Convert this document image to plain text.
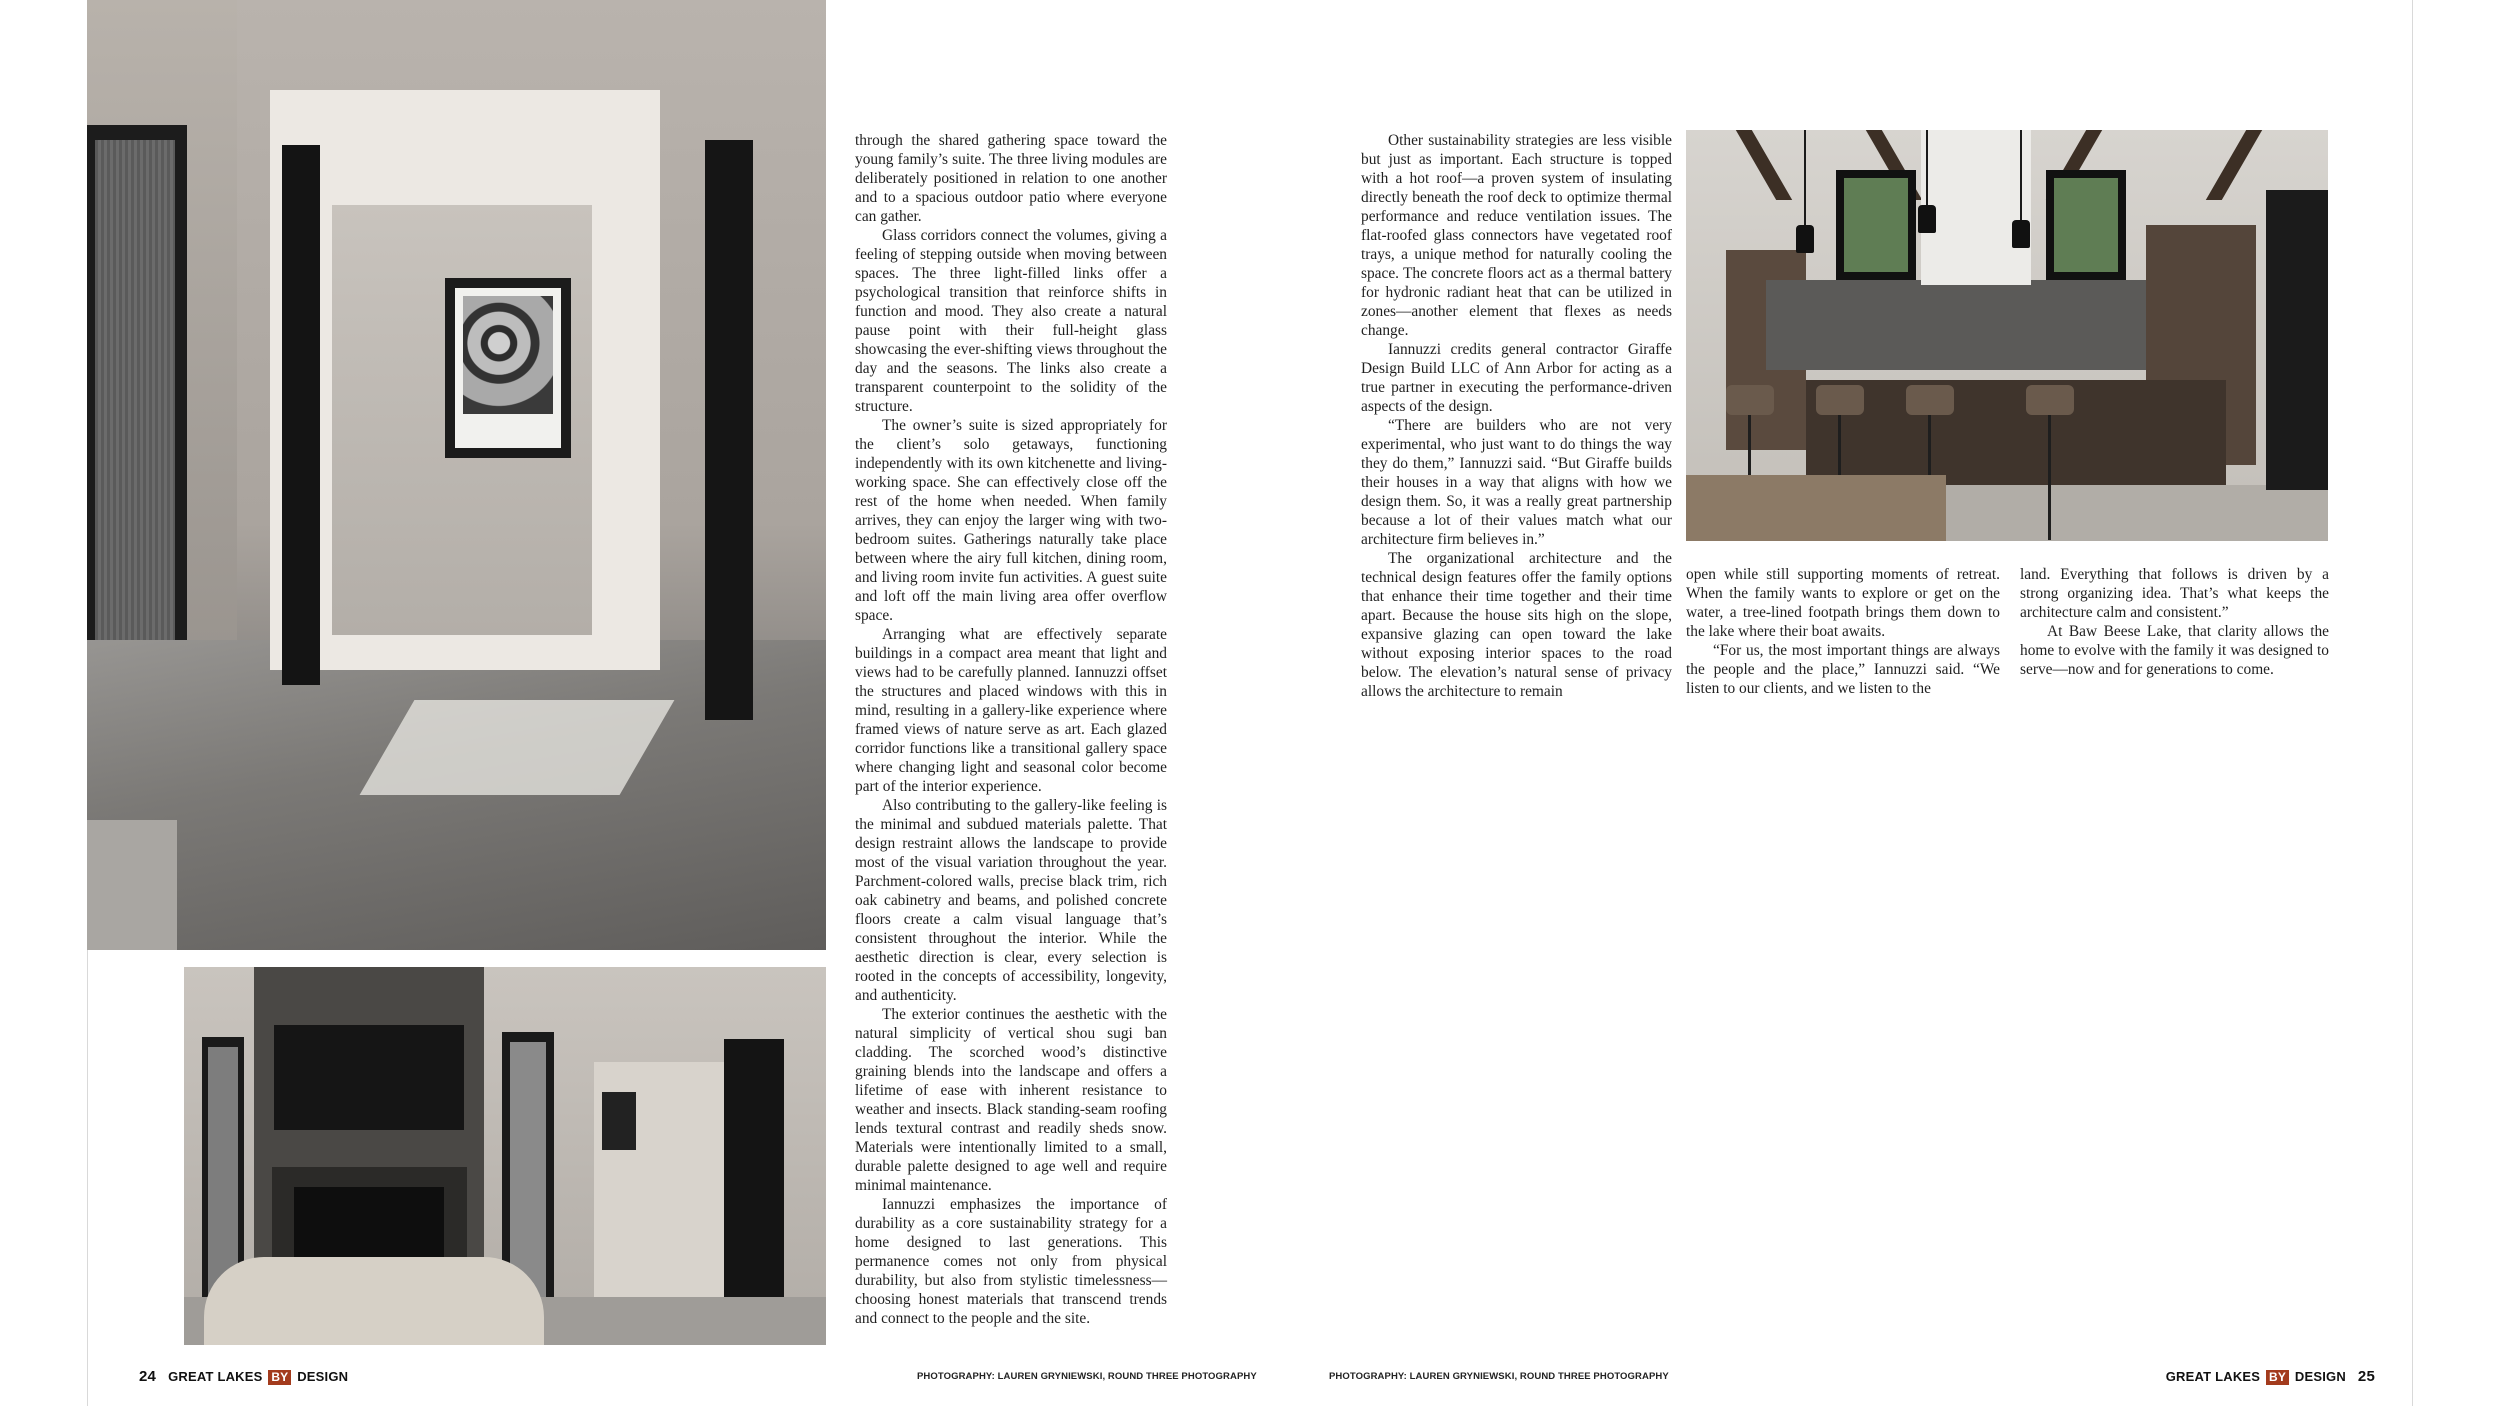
through the shared gathering space toward the young family’s suite. The three living modules are deliberately positioned in relation to one another and to a spacious outdoor patio where everyone can gather.

Glass corridors connect the volumes, giving a feeling of stepping outside when moving between spaces. The three light-filled links offer a psychological transition that reinforce shifts in function and mood. They also create a natural pause point with their full-height glass showcasing the ever-shifting views throughout the day and the seasons. The links also create a transparent counterpoint to the solidity of the structure.

The owner’s suite is sized appropriately for the client’s solo getaways, functioning independently with its own kitchenette and living-working space. She can effectively close off the rest of the home when needed. When family arrives, they can enjoy the larger wing with two-bedroom suites. Gatherings naturally take place between where the airy full kitchen, dining room, and living room invite fun activities. A guest suite and loft off the main living area offer overflow space.

Arranging what are effectively separate buildings in a compact area meant that light and views had to be carefully planned. Iannuzzi offset the structures and placed windows with this in mind, resulting in a gallery-like experience where framed views of nature serve as art. Each glazed corridor functions like a transitional gallery space where changing light and seasonal color become part of the interior experience.

Also contributing to the gallery-like feeling is the minimal and subdued materials palette. That design restraint allows the landscape to provide most of the visual variation throughout the year. Parchment-colored walls, precise black trim, rich oak cabinetry and beams, and polished concrete floors create a calm visual language that’s consistent throughout the interior. While the aesthetic direction is clear, every selection is rooted in the concepts of accessibility, longevity, and authenticity.

The exterior continues the aesthetic with the natural simplicity of vertical shou sugi ban cladding. The scorched wood’s distinctive graining blends into the landscape and offers a lifetime of ease with inherent resistance to weather and insects. Black standing-seam roofing lends textural contrast and readily sheds snow. Materials were intentionally limited to a small, durable palette designed to age well and require minimal maintenance.

Iannuzzi emphasizes the importance of durability as a core sustainability strategy for a home designed to last generations. This permanence comes not only from physical durability, but also from stylistic timelessness—choosing honest materials that transcend trends and connect to the people and the site.

Other sustainability strategies are less visible but just as important. Each structure is topped with a hot roof—a proven system of insulating directly beneath the roof deck to optimize thermal performance and reduce ventilation issues. The flat-roofed glass connectors have vegetated roof trays, a unique method for naturally cooling the space. The concrete floors act as a thermal battery for hydronic radiant heat that can be utilized in zones—another element that flexes as needs change.

Iannuzzi credits general contractor Giraffe Design Build LLC of Ann Arbor for acting as a true partner in executing the performance-driven aspects of the design.

“There are builders who are not very experimental, who just want to do things the way they do them,” Iannuzzi said. “But Giraffe builds their houses in a way that aligns with how we design them. So, it was a really great partnership because a lot of their values match what our architecture firm believes in.”

The organizational architecture and the technical design features offer the family options that enhance their time together and their time apart. Because the house sits high on the slope, expansive glazing can open toward the lake without exposing interior spaces to the road below. The elevation’s natural sense of privacy allows the architecture to remain

open while still supporting moments of retreat. When the family wants to explore or get on the water, a tree-lined footpath brings them down to the lake where their boat awaits.

“For us, the most important things are always the people and the place,” Iannuzzi said. “We listen to our clients, and we listen to the

land. Everything that follows is driven by a strong organizing idea. That’s what keeps the architecture calm and consistent.”

At Baw Beese Lake, that clarity allows the home to evolve with the family it was designed to serve—now and for generations to come.

24 GREAT LAKES BY DESIGN	PHOTOGRAPHY: LAUREN GRYNIEWSKI, ROUND THREE PHOTOGRAPHY	PHOTOGRAPHY: LAUREN GRYNIEWSKI, ROUND THREE PHOTOGRAPHY	GREAT LAKES BY DESIGN 25
